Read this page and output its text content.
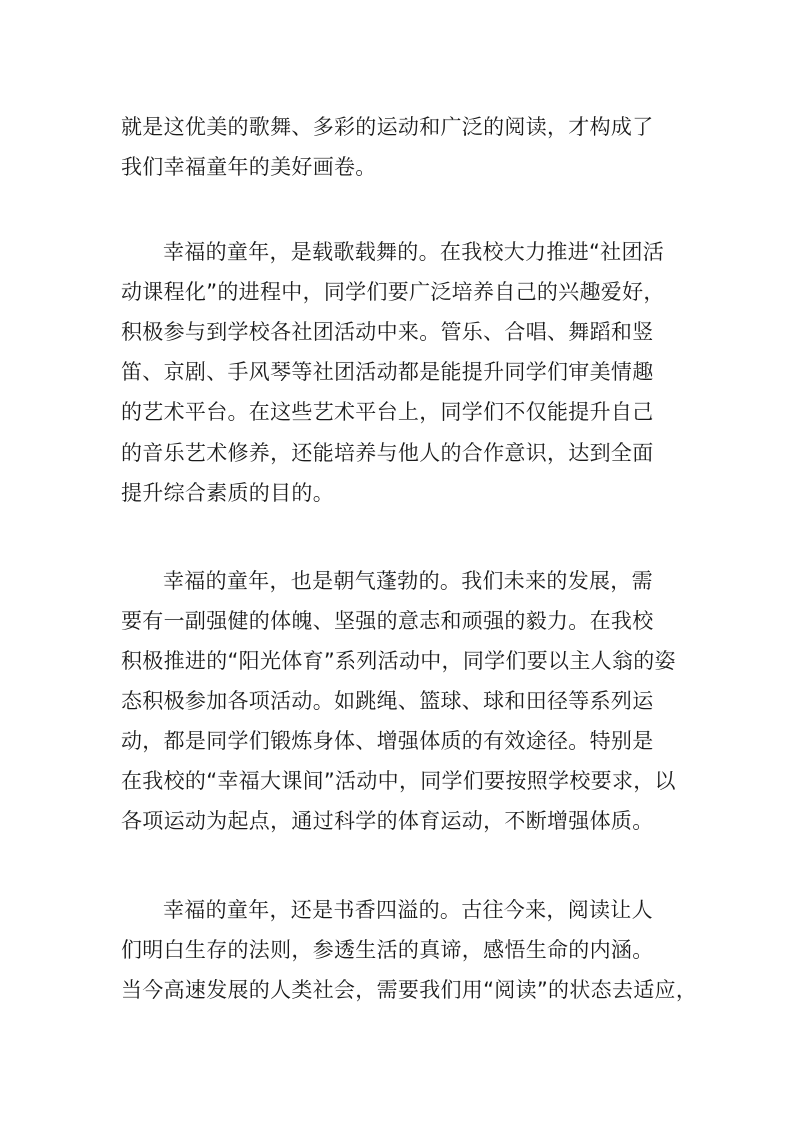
就是这优美的歌舞、多彩的运动和广泛的阅读，才构成了
我们幸福童年的美好画卷。
幸福的童年，是载歌载舞的。在我校大力推进“社团活
动课程化”的进程中，同学们要广泛培养自己的兴趣爱好，
积极参与到学校各社团活动中来。管乐、合唱、舞蹈和竖
笛、京剧、手风琴等社团活动都是能提升同学们审美情趣
的艺术平台。在这些艺术平台上，同学们不仅能提升自己
的音乐艺术修养，还能培养与他人的合作意识，达到全面
提升综合素质的目的。
幸福的童年，也是朝气蓬勃的。我们未来的发展，需
要有一副强健的体魄、坚强的意志和顽强的毅力。在我校
积极推进的“阳光体育”系列活动中，同学们要以主人翁的姿
态积极参加各项活动。如跳绳、篮球、球和田径等系列运
动，都是同学们锻炼身体、增强体质的有效途径。特别是
在我校的“幸福大课间”活动中，同学们要按照学校要求，以
各项运动为起点，通过科学的体育运动，不断增强体质。
幸福的童年，还是书香四溢的。古往今来，阅读让人
们明白生存的法则，参透生活的真谛，感悟生命的内涵。
当今高速发展的人类社会，需要我们用“阅读”的状态去适应，
